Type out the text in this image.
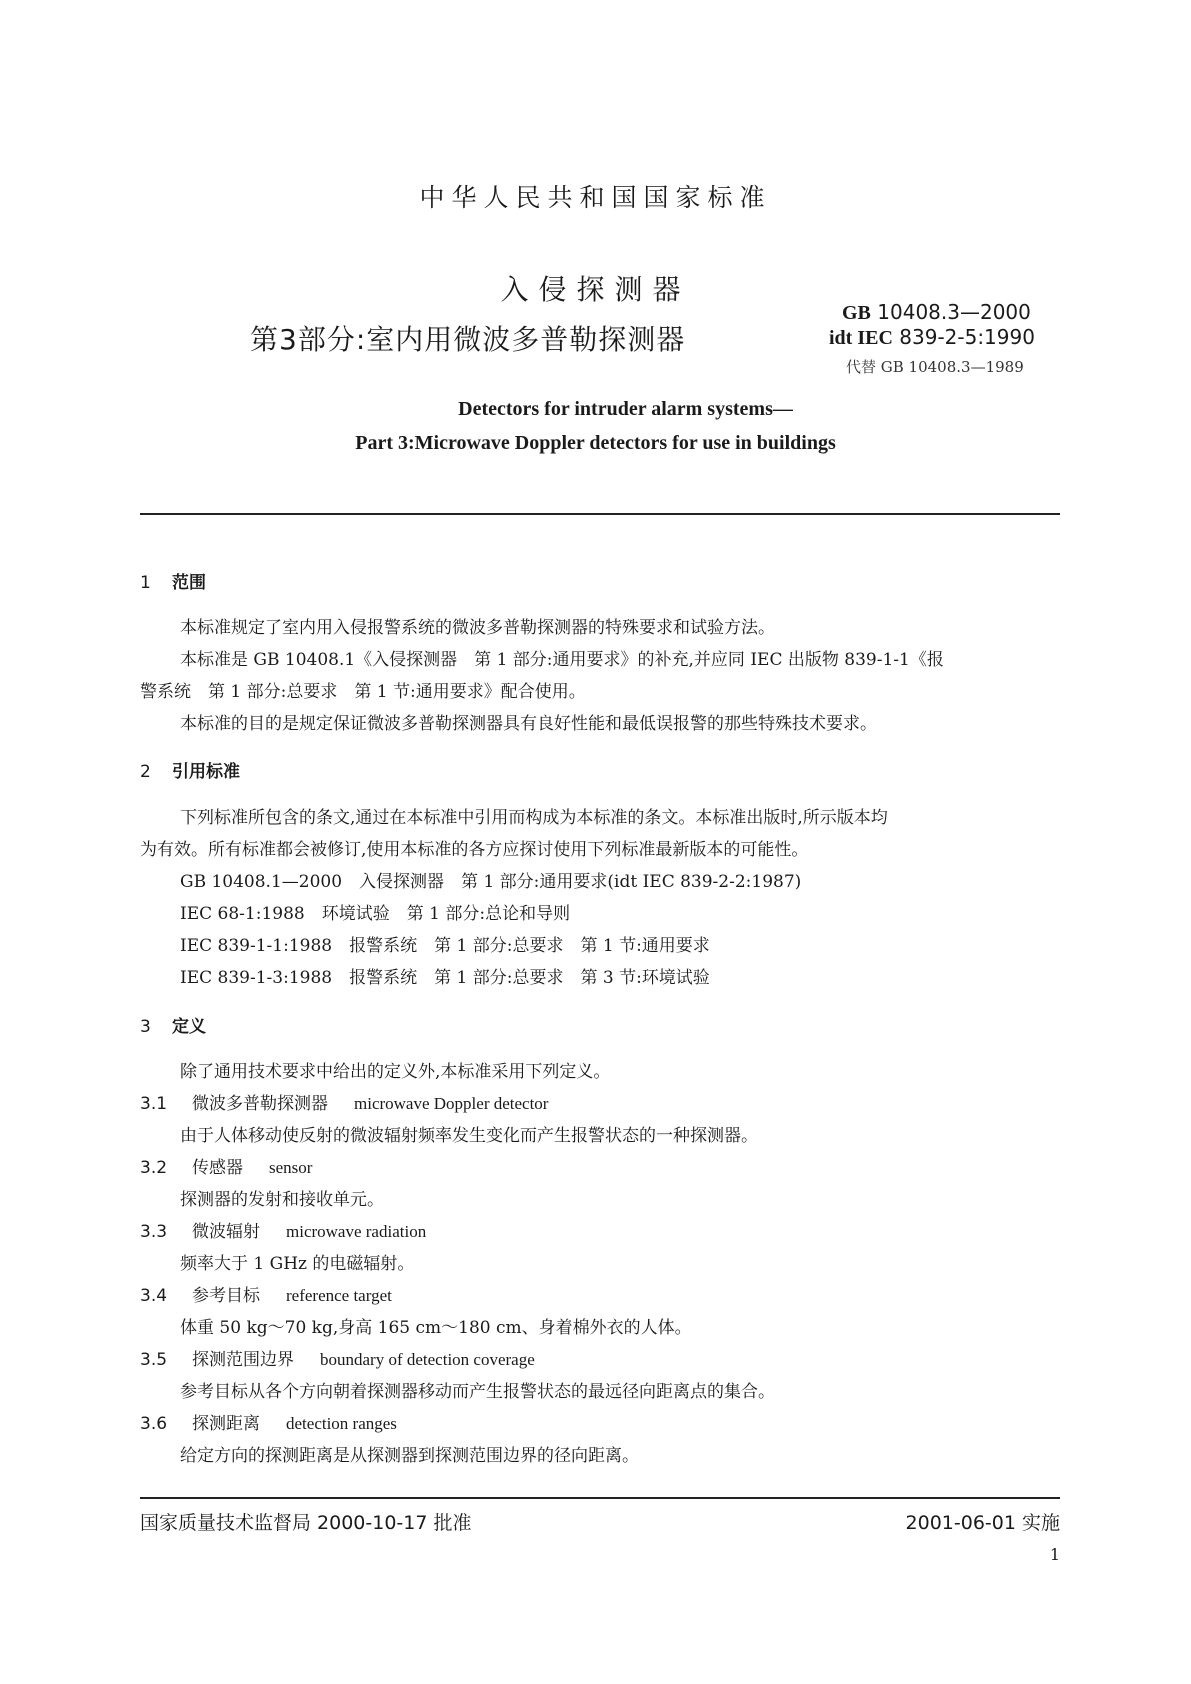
中华人民共和国国家标准
入侵探测器
第3部分:室内用微波多普勒探测器
GB 10408.3—2000
idt IEC 839-2-5:1990
代替 GB 10408.3—1989
Detectors for intruder alarm systems—
Part 3:Microwave Doppler detectors for use in buildings
1 范围
本标准规定了室内用入侵报警系统的微波多普勒探测器的特殊要求和试验方法。
本标准是 GB 10408.1《入侵探测器　第 1 部分:通用要求》的补充,并应同 IEC 出版物 839-1-1《报
警系统　第 1 部分:总要求　第 1 节:通用要求》配合使用。
本标准的目的是规定保证微波多普勒探测器具有良好性能和最低误报警的那些特殊技术要求。
2 引用标准
下列标准所包含的条文,通过在本标准中引用而构成为本标准的条文。本标准出版时,所示版本均
为有效。所有标准都会被修订,使用本标准的各方应探讨使用下列标准最新版本的可能性。
GB 10408.1—2000　入侵探测器　第 1 部分:通用要求(idt IEC 839-2-2:1987)
IEC 68-1:1988　环境试验　第 1 部分:总论和导则
IEC 839-1-1:1988　报警系统　第 1 部分:总要求　第 1 节:通用要求
IEC 839-1-3:1988　报警系统　第 1 部分:总要求　第 3 节:环境试验
3 定义
除了通用技术要求中给出的定义外,本标准采用下列定义。
3.1 微波多普勒探测器 microwave Doppler detector
由于人体移动使反射的微波辐射频率发生变化而产生报警状态的一种探测器。
3.2 传感器 sensor
探测器的发射和接收单元。
3.3 微波辐射 microwave radiation
频率大于 1 GHz 的电磁辐射。
3.4 参考目标 reference target
体重 50 kg～70 kg,身高 165 cm～180 cm、身着棉外衣的人体。
3.5 探测范围边界 boundary of detection coverage
参考目标从各个方向朝着探测器移动而产生报警状态的最远径向距离点的集合。
3.6 探测距离 detection ranges
给定方向的探测距离是从探测器到探测范围边界的径向距离。
国家质量技术监督局 2000-10-17 批准	2001-06-01 实施
1
